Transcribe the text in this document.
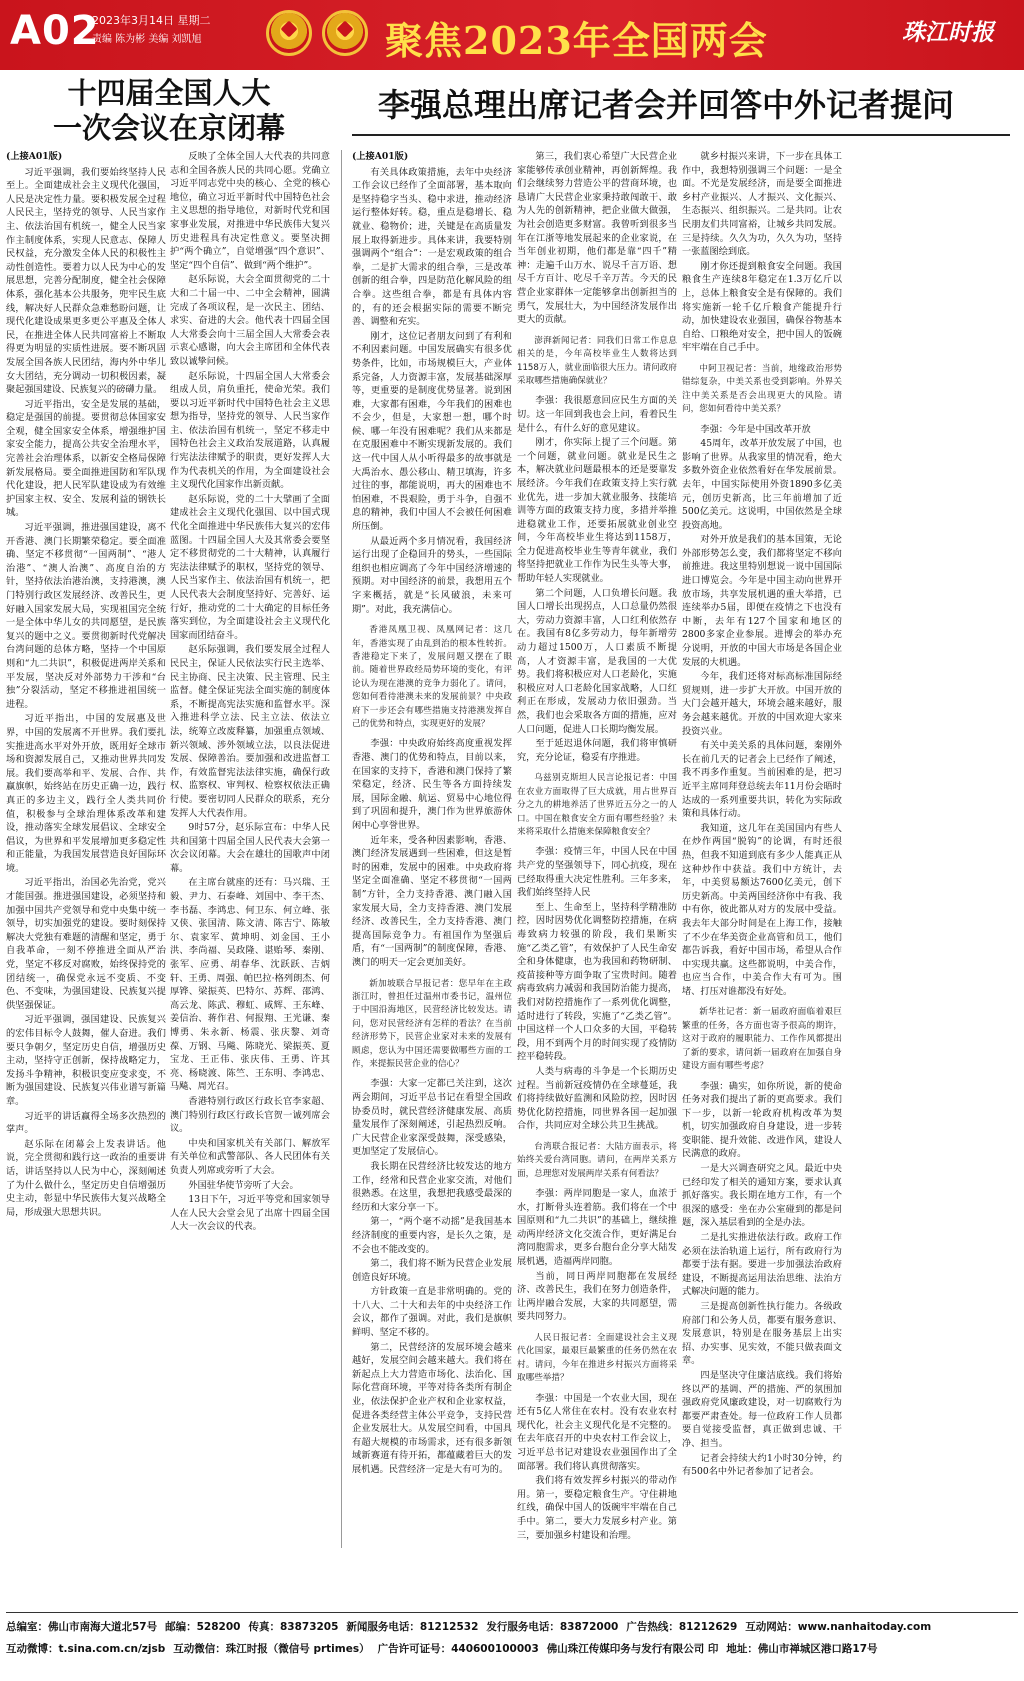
A02
2023年3月14日 星期二
责编 陈为彬 美编 刘凯旭	聚焦2023年全国两会	珠江时报
十四届全国人大
一次会议在京闭幕
李强总理出席记者会并回答中外记者提问

(上接A01版)

习近平强调，我们要始终坚持人民至上。全面建成社会主义现代化强国，人民是决定性力量。要积极发展全过程人民民主，坚持党的领导、人民当家作主、依法治国有机统一，健全人民当家作主制度体系，实现人民意志、保障人民权益，充分激发全体人民的积极性主动性创造性。要着力以人民为中心的发展思想，完善分配制度，健全社会保障体系，强化基本公共服务，兜牢民生底线，解决好人民群众急难愁盼问题，让现代化建设成果更多更公平惠及全体人民，在推进全体人民共同富裕上不断取得更为明显的实质性进展。要不断巩固发展全国各族人民团结，海内外中华儿女大团结，充分调动一切积极因素，凝聚起强国建设、民族复兴的磅礴力量。

习近平指出，安全是发展的基础，稳定是强国的前提。要贯彻总体国家安全观，健全国家安全体系，增强维护国家安全能力，提高公共安全治理水平，完善社会治理体系，以新安全格局保障新发展格局。要全面推进国防和军队现代化建设，把人民军队建设成为有效维护国家主权、安全、发展利益的钢铁长城。

习近平强调，推进强国建设，离不开香港、澳门长期繁荣稳定。要全面准确、坚定不移贯彻“一国两制”、“港人治港”、“澳人治澳”、高度自治的方针，坚持依法治港治澳，支持港澳，澳门特别行政区发展经济、改善民生，更好融入国家发展大局，实现祖国完全统一是全体中华儿女的共同愿望，是民族复兴的题中之义。要贯彻新时代党解决台湾问题的总体方略，坚持一个中国原则和“九二共识”，积极促进两岸关系和平发展，坚决反对外部势力干涉和“台独”分裂活动，坚定不移推进祖国统一进程。

习近平指出，中国的发展惠及世界，中国的发展离不开世界。我们要扎实推进高水平对外开放，既用好全球市场和资源发展自己，又推动世界共同发展。我们要高举和平、发展、合作、共赢旗帜，始终站在历史正确一边，践行真正的多边主义，践行全人类共同价值，积极参与全球治理体系改革和建设，推动落实全球发展倡议、全球安全倡议，为世界和平发展增加更多稳定性和正能量，为我国发展营造良好国际环境。

习近平指出，治国必先治党，党兴才能国强。推进强国建设，必须坚持和加强中国共产党领导和党中央集中统一领导，切实加强党的建设。要时刻保持解决大党独有难题的清醒和坚定，勇于自我革命，一刻不停推进全面从严治党，坚定不移反对腐败，始终保持党的团结统一，确保党永远不变质、不变色、不变味，为强国建设、民族复兴提供坚强保证。

习近平强调，强国建设、民族复兴的宏伟目标令人鼓舞，催人奋进。我们要只争朝夕，坚定历史自信，增强历史主动，坚持守正创新，保持战略定力，发扬斗争精神，积极识变应变求变，不断为强国建设、民族复兴伟业谱写新篇章。

习近平的讲话赢得全场多次热烈的掌声。

赵乐际在闭幕会上发表讲话。他说，完全贯彻和践行这一政治的重要讲话，讲话坚持以人民为中心，深刻阐述了为什么做什么，坚定历史自信增强历史主动，彰显中华民族伟大复兴战略全局，形成强大思想共识。

反映了全体全国人大代表的共同意志和全国各族人民的共同心愿。党确立习近平同志党中央的核心、全党的核心地位，确立习近平新时代中国特色社会主义思想的指导地位，对新时代党和国家事业发展，对推进中华民族伟大复兴历史进程具有决定性意义。要坚决拥护“两个确立”，自觉增强“四个意识”、坚定“四个自信”、做到“两个维护”。

赵乐际说，大会全面贯彻党的二十大和二十届一中、二中全会精神，圆满完成了各项议程，是一次民主、团结、求实、奋进的大会。他代表十四届全国人大常委会向十三届全国人大常委会表示衷心感谢，向大会主席团和全体代表致以诚挚问候。

赵乐际说，十四届全国人大常委会组成人员，肩负重托，使命光荣。我们要以习近平新时代中国特色社会主义思想为指导，坚持党的领导、人民当家作主、依法治国有机统一，坚定不移走中国特色社会主义政治发展道路，认真履行宪法法律赋予的职责，更好发挥人大作为代表机关的作用，为全面建设社会主义现代化国家作出新贡献。

赵乐际说，党的二十大擘画了全面建成社会主义现代化强国、以中国式现代化全面推进中华民族伟大复兴的宏伟蓝图。十四届全国人大及其常委会要坚定不移贯彻党的二十大精神，认真履行宪法法律赋予的职权，坚持党的领导、人民当家作主、依法治国有机统一，把人民代表大会制度坚持好、完善好、运行好，推动党的二十大确定的目标任务落实到位，为全面建设社会主义现代化国家而团结奋斗。

赵乐际强调，我们要发展全过程人民民主，保证人民依法实行民主选举、民主协商、民主决策、民主管理、民主监督。健全保证宪法全面实施的制度体系，不断提高宪法实施和监督水平。深入推进科学立法、民主立法、依法立法，统筹立改废释纂，加强重点领域、新兴领域、涉外领域立法，以良法促进发展、保障善治。要加强和改进监督工作，有效监督宪法法律实施，确保行政权、监察权、审判权、检察权依法正确行使。要密切同人民群众的联系，充分发挥人大代表作用。

9时57分，赵乐际宣布：中华人民共和国第十四届全国人民代表大会第一次会议闭幕。大会在雄壮的国歌声中闭幕。

在主席台就座的还有：马兴瑞、王毅、尹力、石泰峰、刘国中、李干杰、李书磊、李鸿忠、何卫东、何立峰、张又侠、张国清、陈文清、陈吉宁、陈敏尔、袁家军、黄坤明、刘金国、王小洪、李尚福、吴政隆、谌贻琴、秦刚、张军、应勇、胡春华、沈跃跃、吉炳轩、王勇、周强、帕巴拉·格列朗杰、何厚铧、梁振英、巴特尔、苏辉、邵鸿、高云龙、陈武、穆虹、咸辉、王东峰、姜信治、蒋作君、何报翔、王光谦、秦博勇、朱永新、杨震、张庆黎、刘奇葆、万钢、马飚、陈晓光、梁振英、夏宝龙、王正伟、张庆伟、王勇、许其亮、杨晓渡、陈竺、王东明、李鸿忠、马飚、周光召。

香港特别行政区行政长官李家超、澳门特别行政区行政长官贺一诚列席会议。

中央和国家机关有关部门、解放军有关单位和武警部队、各人民团体有关负责人列席或旁听了大会。

外国驻华使节旁听了大会。

13日下午，习近平等党和国家领导人在人民大会堂会见了出席十四届全国人大一次会议的代表。

(上接A01版)

有关具体政策措施，去年中央经济工作会议已经作了全面部署，基本取向是坚持稳字当头、稳中求进，推动经济运行整体好转。稳，重点是稳增长、稳就业、稳物价；进，关键是在高质量发展上取得新进步。具体来讲，我要特别强调两个“组合”：一是宏观政策的组合拳，二是扩大需求的组合拳，三是改革创新的组合拳，四是防范化解风险的组合拳。这些组合拳，都是有具体内容的，有的还会根据实际的需要不断完善、调整和充实。

刚才，这位记者朋友问到了有利和不利因素问题。中国发展确实有很多优势条件，比如，市场规模巨大，产业体系完备，人力资源丰富，发展基础深厚等，更重要的是制度优势显著。说到困难，大家都有困难，今年我们的困难也不会少，但是，大家想一想，哪个时候、哪一年没有困难呢？我们从来都是在克服困难中不断实现新发展的。我们这一代中国人从小听得最多的故事就是大禹治水、愚公移山、精卫填海，许多过往的事，都能说明，再大的困难也不怕困难，不畏艰险，勇于斗争，自强不息的精神，我们中国人不会被任何困难所压倒。

从最近两个多月情况看，我国经济运行出现了企稳回升的势头，一些国际组织也相应调高了今年中国经济增速的预期。对中国经济的前景，我想用五个字来概括，就是“长风破浪，未来可期”。对此，我充满信心。

香港凤凰卫视、凤凰网记者：这几年，香港实现了由乱到治的根本性转折。香港稳定下来了，发展问题又摆在了眼前。随着世界政经局势环境的变化，有评论认为现在港澳的竞争力弱化了。请问，您如何看待港澳未来的发展前景？中央政府下一步还会有哪些措施支持港澳发挥自己的优势和特点，实现更好的发展？

李强：中央政府始终高度重视发挥香港、澳门的优势和特点，目前以来，在国家的支持下，香港和澳门保持了繁荣稳定，经济、民生等各方面持续发展，国际金融、航运、贸易中心地位得到了巩固和提升，澳门作为世界旅游休闲中心享誉世界。

近年来，受各种因素影响，香港、澳门经济发展遇到一些困难，但这是暂时的困难，发展中的困难。中央政府将坚定全面准确、坚定不移贯彻“一国两制”方针，全力支持香港、澳门融入国家发展大局，全力支持香港、澳门发展经济、改善民生，全力支持香港、澳门提高国际竞争力。有祖国作为坚强后盾，有“一国两制”的制度保障，香港、澳门的明天一定会更加美好。

新加坡联合早报记者：您早年在主政浙江时，曾担任过温州市委书记，温州位于中国沿海地区，民营经济比较发达。请问，您对民营经济有怎样的看法？在当前经济形势下，民营企业家对未来的发展有顾虑，您认为中国还需要做哪些方面的工作，来提振民营企业的信心？

李强：大家一定都已关注到，这次两会期间，习近平总书记在看望全国政协委员时，就民营经济健康发展、高质量发展作了深刻阐述，引起热烈反响。广大民营企业家深受鼓舞，深受感染，更加坚定了发展信心。

我长期在民营经济比较发达的地方工作，经常和民营企业家交流，对他们很熟悉。在这里，我想把我感受最深的经历和大家分享一下。

第一，“两个毫不动摇”是我国基本经济制度的重要内容，是长久之策，是不会也不能改变的。

第二，我们将不断为民营企业发展创造良好环境。

方针政策一直是非常明确的。党的十八大、二十大和去年的中央经济工作会议，都作了强调。对此，我们是旗帜鲜明、坚定不移的。

第二，民营经济的发展环境会越来越好，发展空间会越来越大。我们将在新起点上大力营造市场化、法治化、国际化营商环境，平等对待各类所有制企业，依法保护企业产权和企业家权益，促进各类经营主体公平竞争，支持民营企业发展壮大。从发展空间看，中国具有超大规模的市场需求，还有很多新领域新赛道有待开拓，都蕴藏着巨大的发展机遇。民营经济一定是大有可为的。

第三，我们衷心希望广大民营企业家能够传承创业精神，再创新辉煌。我们会继续努力营造公平的营商环境，也恳请广大民营企业家秉持敢闯敢干、敢为人先的创新精神，把企业做大做强，为社会创造更多财富。我曾听到很多当年在江浙等地发展起来的企业家说，在当年创业初期，他们都是靠“四千”精神：走遍千山万水、说尽千言万语、想尽千方百计、吃尽千辛万苦。今天的民营企业家群体一定能够拿出创新担当的勇气，发展壮大，为中国经济发展作出更大的贡献。

澎湃新闻记者：同我们日常工作息息相关的是，今年高校毕业生人数将达到1158万人，就业面临很大压力。请问政府采取哪些措施确保就业？

李强：我很愿意回应民生方面的关切。这一年回到我也会上问，看着民生是什么，有什么好的意见建议。

刚才，你实际上提了三个问题。第一个问题，就业问题。就业是民生之本，解决就业问题最根本的还是要靠发展经济。今年我们在政策支持上实行就业优先，进一步加大就业服务、技能培训等方面的政策支持力度，多措并举推进稳就业工作，还要拓展就业创业空间，今年高校毕业生将达到1158万，全力促进高校毕业生等青年就业，我们将坚持把就业工作作为民生头等大事，帮助年轻人实现就业。

第二个问题，人口负增长问题。我国人口增长出现拐点，人口总量仍然很大，劳动力资源丰富，人口红利依然存在。我国有8亿多劳动力，每年新增劳动力超过1500万，人口素质不断提高，人才资源丰富，是我国的一大优势。我们将积极应对人口老龄化，实施积极应对人口老龄化国家战略，人口红利正在形成，发展动力依旧强劲。当然，我们也会采取各方面的措施，应对人口问题，促进人口长期均衡发展。

至于延迟退休问题，我们将审慎研究，充分论证，稳妥有序推进。

乌兹别克斯坦人民言论报记者：中国在农业方面取得了巨大成就，用占世界百分之九的耕地养活了世界近五分之一的人口。中国在粮食安全方面有哪些经验？未来将采取什么措施来保障粮食安全？

李强：疫情三年，中国人民在中国共产党的坚强领导下，同心抗疫，现在已经取得重大决定性胜利。三年多来，我们始终坚持人民

至上、生命至上，坚持科学精准防控，因时因势优化调整防控措施，在病毒致病力较强的阶段，我们果断实施“乙类乙管”，有效保护了人民生命安全和身体健康，也为我国和药物研制、疫苗接种等方面争取了宝贵时间。随着病毒致病力减弱和我国防治能力提高，我们对防控措施作了一系列优化调整，适时进行了转段，实施了“乙类乙管”。中国这样一个人口众多的大国，平稳转段，用不到两个月的时间实现了疫情防控平稳转段。

人类与病毒的斗争是一个长期历史过程。当前新冠疫情仍在全球蔓延，我们将持续做好监测和风险防控，因时因势优化防控措施，同世界各国一起加强合作，共同应对全球公共卫生挑战。

台湾联合报记者：大陆方面表示，将始终关爱台湾同胞。请问，在两岸关系方面，总理您对发展两岸关系有何看法？

李强：两岸同胞是一家人，血浓于水，打断骨头连着筋。我们将在一个中国原则和“九二共识”的基础上，继续推动两岸经济文化交流合作，更好满足台湾同胞需求，更多台胞台企分享大陆发展机遇，造福两岸同胞。

当前，同日两岸同胞都在发展经济、改善民生，我们在努力创造条件，让两岸融合发展，大家的共同愿望，需要共同努力。

人民日报记者：全面建设社会主义现代化国家，最艰巨最繁重的任务仍然在农村。请问，今年在推进乡村振兴方面将采取哪些举措？

李强：中国是一个农业大国，现在还有5亿人常住在农村。没有农业农村现代化，社会主义现代化是不完整的。在去年底召开的中央农村工作会议上，习近平总书记对建设农业强国作出了全面部署。我们将认真贯彻落实。

我们将有效发挥乡村振兴的带动作用。第一，要稳定粮食生产。守住耕地红线，确保中国人的饭碗牢牢端在自己手中。第二，要大力发展乡村产业。第三，要加强乡村建设和治理。

就乡村振兴来讲，下一步在具体工作中，我想特别强调三个问题：一是全面。不光是发展经济，而是要全面推进乡村产业振兴、人才振兴、文化振兴、生态振兴、组织振兴。二是共同。让农民朋友们共同富裕，让城乡共同发展。三是持续。久久为功，久久为功，坚持一张蓝图绘到底。

刚才你还提到粮食安全问题。我国粮食生产连续8年稳定在1.3万亿斤以上，总体上粮食安全是有保障的。我们将实施新一轮千亿斤粮食产能提升行动，加快建设农业强国，确保谷物基本自给、口粮绝对安全，把中国人的饭碗牢牢端在自己手中。

中阿卫视记者：当前，地缘政治形势错综复杂，中美关系也受到影响。外界关注中美关系是否会出现更大的风险。请问，您如何看待中美关系？

李强：今年是中国改革开放

45周年，改革开放发展了中国，也影响了世界。从我家里的情况看，绝大多数外资企业依然看好在华发展前景。去年，中国实际使用外资1890多亿美元，创历史新高，比三年前增加了近500亿美元。这说明，中国依然是全球投资高地。

对外开放是我们的基本国策，无论外部形势怎么变，我们都将坚定不移向前推进。我这里特别想说一说中国国际进口博览会。今年是中国主动向世界开放市场，共享发展机遇的重大举措，已连续举办5届，即便在疫情之下也没有中断，去年有127个国家和地区的2800多家企业参展。进博会的举办充分说明，开放的中国大市场是各国企业发展的大机遇。

今年，我们还将对标高标准国际经贸规则，进一步扩大开放。中国开放的大门会越开越大，环境会越来越好，服务会越来越优。开放的中国欢迎大家来投资兴业。

有关中美关系的具体问题，秦刚外长在前几天的记者会上已经作了阐述，我不再多作重复。当前困难的是，把习近平主席同拜登总统去年11月份会晤时达成的一系列重要共识，转化为实际政策和具体行动。

我知道，这几年在美国国内有些人在炒作两国“脱钩”的论调，有时还很热，但我不知道到底有多少人能真正从这种炒作中获益。我们中方统计，去年，中美贸易额达7600亿美元，创下历史新高。中美两国经济你中有我、我中有你，彼此都从对方的发展中受益。我去年大部分时间是在上海工作，接触了不少在华美资企业高管和员工，他们都告诉我，看好中国市场，希望从合作中实现共赢。这些都说明，中美合作，也应当合作，中美合作大有可为。围堵、打压对谁都没有好处。

新华社记者：新一届政府面临着艰巨繁重的任务，各方面也寄予很高的期许，这对于政府的履职能力、工作作风都提出了新的要求，请问新一届政府在加强自身建设方面有哪些考虑？

李强：确实，如你所说，新的使命任务对我们提出了新的更高要求。我们下一步，以新一轮政府机构改革为契机，切实加强政府自身建设，进一步转变职能、提升效能、改进作风，建设人民满意的政府。

一是大兴调查研究之风。最近中央已经印发了相关的通知方案，要求认真抓好落实。我长期在地方工作，有一个很深的感受：坐在办公室碰到的都是问题，深入基层看到的全是办法。

二是扎实推进依法行政。政府工作必须在法治轨道上运行，所有政府行为都要于法有据。要进一步加强法治政府建设，不断提高运用法治思维、法治方式解决问题的能力。

三是提高创新性执行能力。各级政府部门和公务人员，都要有服务意识、发展意识，特别是在服务基层上出实招、办实事、见实效，不能只做表面文章。

四是坚决守住廉洁底线。我们将始终以严的基调、严的措施、严的氛围加强政府党风廉政建设，对一切腐败行为都要严肃查处。每一位政府工作人员都要自觉接受监督，真正做到忠诚、干净、担当。

记者会持续大约1小时30分钟，约有500名中外记者参加了记者会。

总编室：佛山市南海大道北57号 邮编：528200 传真：83873205 新闻服务电话：81212532 发行服务电话：83872000 广告热线：81212629 互动网站：www.nanhaitoday.com
互动微博：t.sina.com.cn/zjsb 互动微信：珠江时报（微信号 prtimes） 广告许可证号：440600100003 佛山珠江传媒印务与发行有限公司 印 地址：佛山市禅城区港口路17号
